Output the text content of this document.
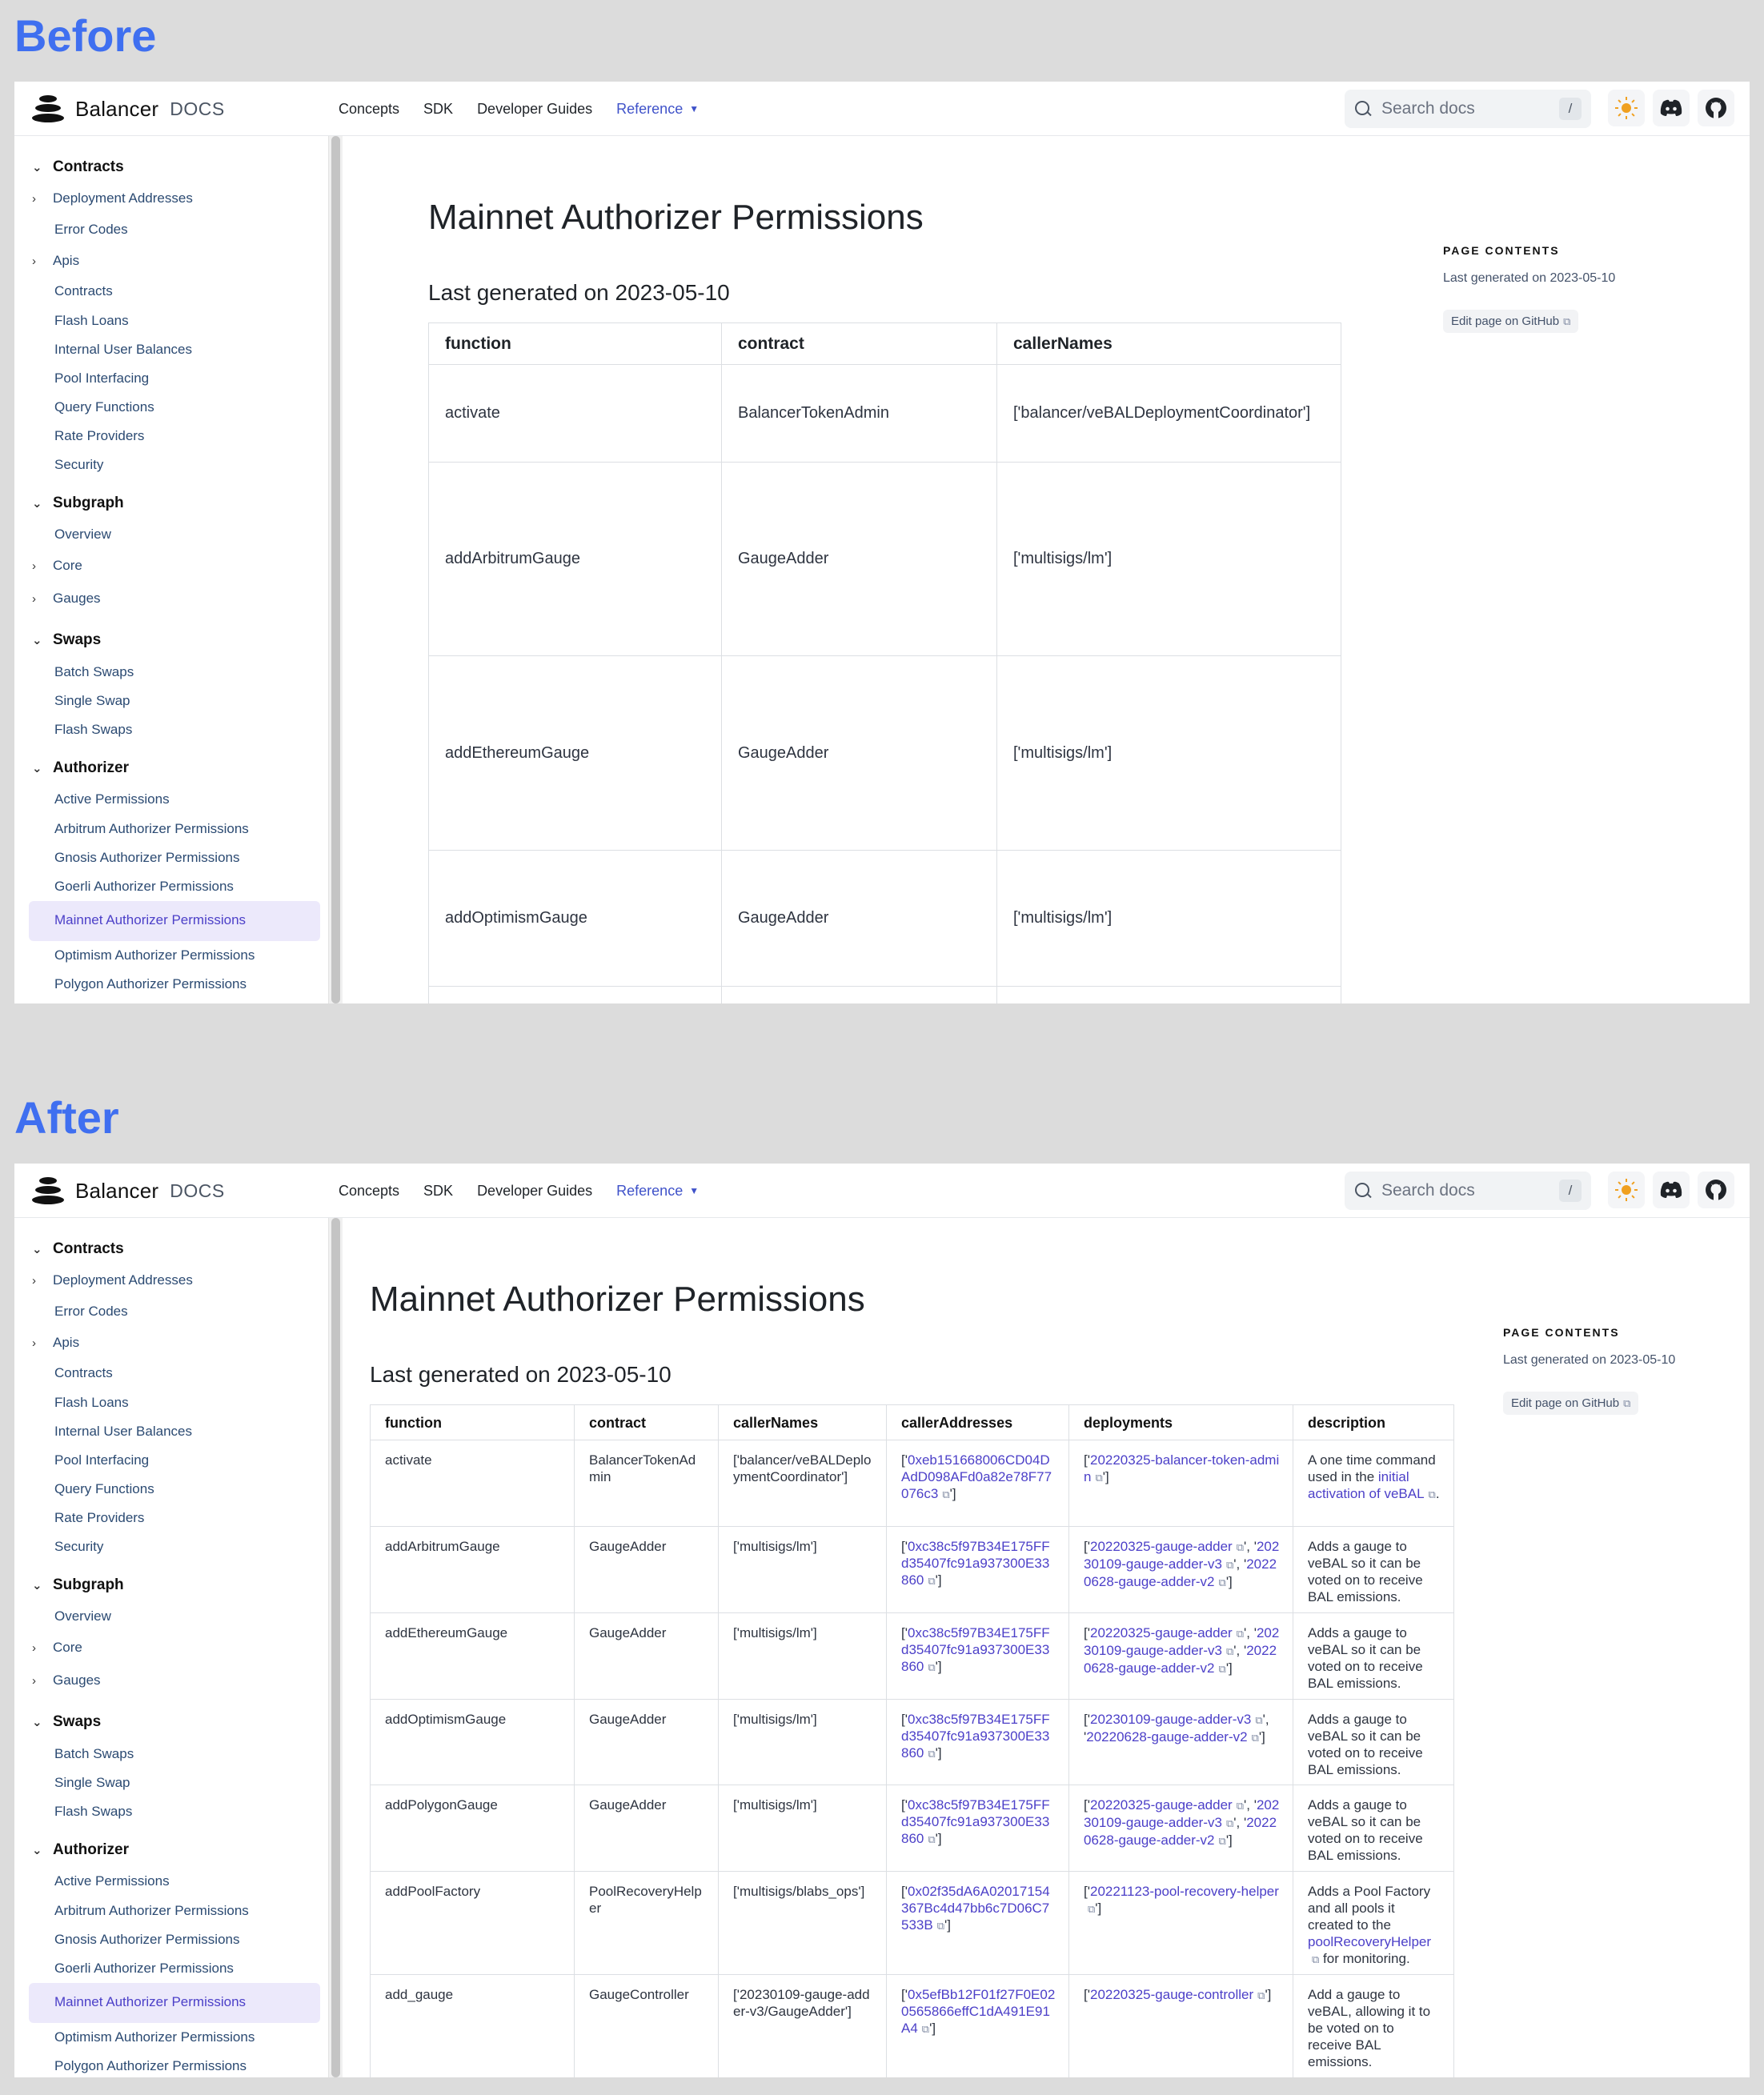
Before
Balancer DOCS	Concepts SDK Developer Guides Reference ▼	Search docs	/
⌄ Contracts
› Deployment Addresses
Error Codes
› Apis
Contracts
Flash Loans
Internal User Balances
Pool Interfacing
Query Functions
Rate Providers
Security
⌄ Subgraph
Overview
› Core
› Gauges
⌄ Swaps
Batch Swaps
Single Swap
Flash Swaps
⌄ Authorizer
Active Permissions
Arbitrum Authorizer Permissions
Gnosis Authorizer Permissions
Goerli Authorizer Permissions
Mainnet Authorizer Permissions
Optimism Authorizer Permissions
Polygon Authorizer Permissions
Mainnet Authorizer Permissions
Last generated on 2023-05-10
PAGE CONTENTS
Last generated on 2023-05-10
Edit page on GitHub ⧉
function	contract	callerNames
activate	BalancerTokenAdmin	['balancer/veBALDeploymentCoordinator']
addArbitrumGauge	GaugeAdder	['multisigs/lm']
addEthereumGauge	GaugeAdder	['multisigs/lm']
addOptimismGauge	GaugeAdder	['multisigs/lm']

After
Balancer DOCS	Concepts SDK Developer Guides Reference ▼	Search docs	/
⌄ Contracts
› Deployment Addresses
Error Codes
› Apis
Contracts
Flash Loans
Internal User Balances
Pool Interfacing
Query Functions
Rate Providers
Security
⌄ Subgraph
Overview
› Core
› Gauges
⌄ Swaps
Batch Swaps
Single Swap
Flash Swaps
⌄ Authorizer
Active Permissions
Arbitrum Authorizer Permissions
Gnosis Authorizer Permissions
Goerli Authorizer Permissions
Mainnet Authorizer Permissions
Optimism Authorizer Permissions
Polygon Authorizer Permissions
Mainnet Authorizer Permissions
Last generated on 2023-05-10
PAGE CONTENTS
Last generated on 2023-05-10
Edit page on GitHub ⧉
function	contract	callerNames	callerAddresses	deployments	description
activate	BalancerTokenAdmin	['balancer/veBALDeploymentCoordinator']	['0xeb151668006CD04DAdD098AFd0a82e78F77076c3 ⧉']	['20220325-balancer-token-admin ⧉']	A one time command used in the initial activation of veBAL ⧉.
addArbitrumGauge	GaugeAdder	['multisigs/lm']	['0xc38c5f97B34E175FFd35407fc91a937300E33860 ⧉']	['20220325-gauge-adder ⧉', '20230109-gauge-adder-v3 ⧉', '20220628-gauge-adder-v2 ⧉']	Adds a gauge to veBAL so it can be voted on to receive BAL emissions.
addEthereumGauge	GaugeAdder	['multisigs/lm']	['0xc38c5f97B34E175FFd35407fc91a937300E33860 ⧉']	['20220325-gauge-adder ⧉', '20230109-gauge-adder-v3 ⧉', '20220628-gauge-adder-v2 ⧉']	Adds a gauge to veBAL so it can be voted on to receive BAL emissions.
addOptimismGauge	GaugeAdder	['multisigs/lm']	['0xc38c5f97B34E175FFd35407fc91a937300E33860 ⧉']	['20230109-gauge-adder-v3 ⧉', '20220628-gauge-adder-v2 ⧉']	Adds a gauge to veBAL so it can be voted on to receive BAL emissions.
addPolygonGauge	GaugeAdder	['multisigs/lm']	['0xc38c5f97B34E175FFd35407fc91a937300E33860 ⧉']	['20220325-gauge-adder ⧉', '20230109-gauge-adder-v3 ⧉', '20220628-gauge-adder-v2 ⧉']	Adds a gauge to veBAL so it can be voted on to receive BAL emissions.
addPoolFactory	PoolRecoveryHelper	['multisigs/blabs_ops']	['0x02f35dA6A02017154367Bc4d47bb6c7D06C7533B ⧉']	['20221123-pool-recovery-helper⧉']	Adds a Pool Factory and all pools it created to the poolRecoveryHelper⧉ for monitoring.
add_gauge	GaugeController	['20230109-gauge-adder-v3/GaugeAdder']	['0x5efBb12F01f27F0E020565866effC1dA491E91A4 ⧉']	['20220325-gauge-controller ⧉']	Add a gauge to veBAL, allowing it to be voted on to receive BAL emissions.
